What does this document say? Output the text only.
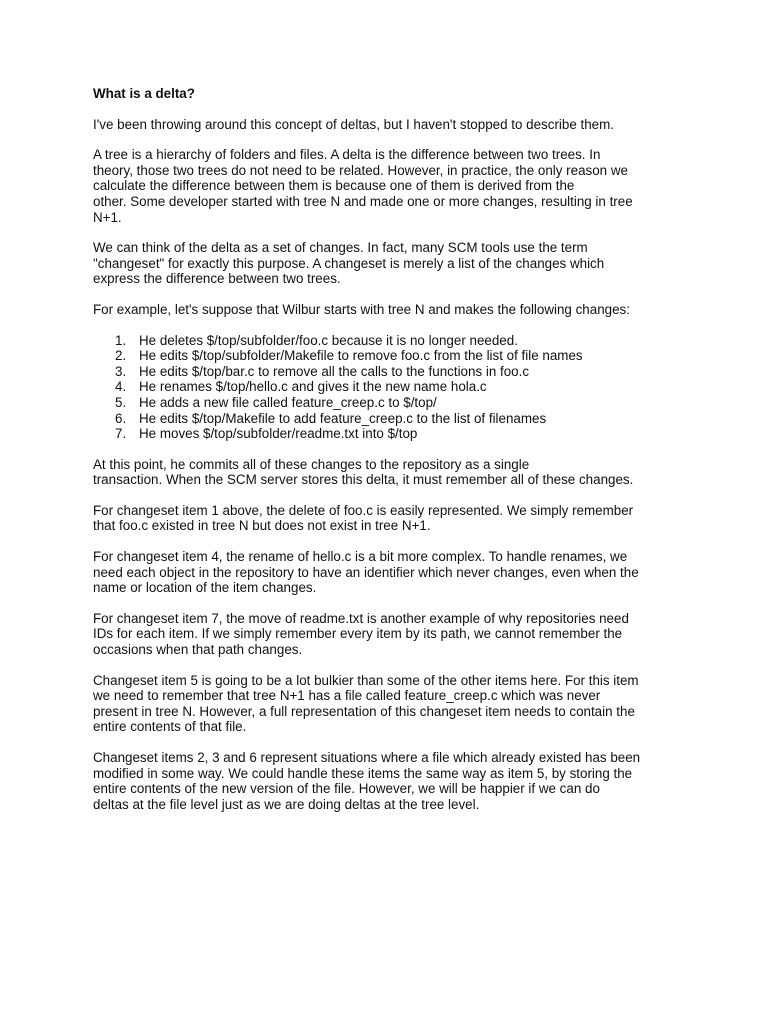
What is a delta?
I've been throwing around this concept of deltas, but I haven't stopped to describe them.
A tree is a hierarchy of folders and files. A delta is the difference between two trees. In
theory, those two trees do not need to be related. However, in practice, the only reason we
calculate the difference between them is because one of them is derived from the
other. Some developer started with tree N and made one or more changes, resulting in tree
N+1.
We can think of the delta as a set of changes. In fact, many SCM tools use the term
"changeset" for exactly this purpose. A changeset is merely a list of the changes which
express the difference between two trees.
For example, let's suppose that Wilbur starts with tree N and makes the following changes:
1. He deletes $/top/subfolder/foo.c because it is no longer needed.
2. He edits $/top/subfolder/Makefile to remove foo.c from the list of file names
3. He edits $/top/bar.c to remove all the calls to the functions in foo.c
4. He renames $/top/hello.c and gives it the new name hola.c
5. He adds a new file called feature_creep.c to $/top/
6. He edits $/top/Makefile to add feature_creep.c to the list of filenames
7. He moves $/top/subfolder/readme.txt into $/top
At this point, he commits all of these changes to the repository as a single
transaction. When the SCM server stores this delta, it must remember all of these changes.
For changeset item 1 above, the delete of foo.c is easily represented. We simply remember
that foo.c existed in tree N but does not exist in tree N+1.
For changeset item 4, the rename of hello.c is a bit more complex. To handle renames, we
need each object in the repository to have an identifier which never changes, even when the
name or location of the item changes.
For changeset item 7, the move of readme.txt is another example of why repositories need
IDs for each item. If we simply remember every item by its path, we cannot remember the
occasions when that path changes.
Changeset item 5 is going to be a lot bulkier than some of the other items here. For this item
we need to remember that tree N+1 has a file called feature_creep.c which was never
present in tree N. However, a full representation of this changeset item needs to contain the
entire contents of that file.
Changeset items 2, 3 and 6 represent situations where a file which already existed has been
modified in some way. We could handle these items the same way as item 5, by storing the
entire contents of the new version of the file. However, we will be happier if we can do
deltas at the file level just as we are doing deltas at the tree level.
